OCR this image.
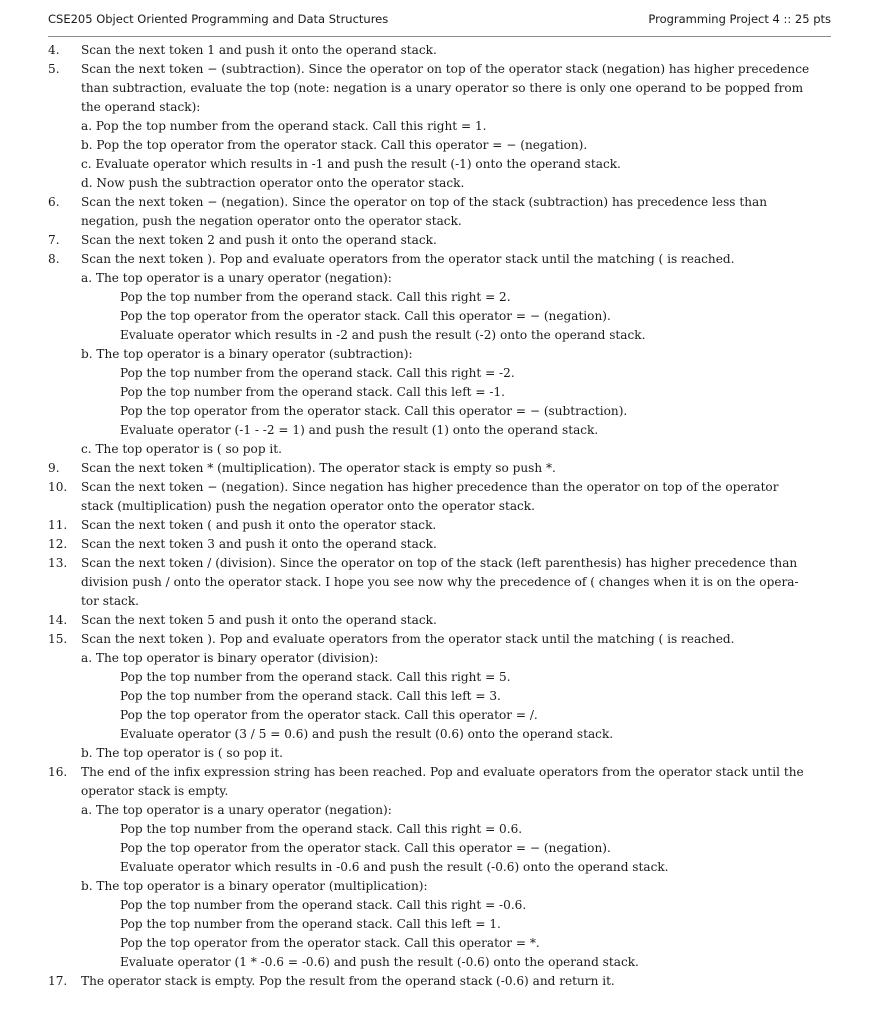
CSE205 Object Oriented Programming and Data Structures	Programming Project 4 :: 25 pts
4.	Scan the next token 1 and push it onto the operand stack.
5.	Scan the next token − (subtraction). Since the operator on top of the operator stack (negation) has higher precedence
than subtraction, evaluate the top (note: negation is a unary operator so there is only one operand to be popped from
the operand stack):
a. Pop the top number from the operand stack. Call this right = 1.
b. Pop the top operator from the operator stack. Call this operator = − (negation).
c. Evaluate operator which results in -1 and push the result (-1) onto the operand stack.
d. Now push the subtraction operator onto the operator stack.
6.	Scan the next token − (negation). Since the operator on top of the stack (subtraction) has precedence less than
negation, push the negation operator onto the operator stack.
7.	Scan the next token 2 and push it onto the operand stack.
8.	Scan the next token ). Pop and evaluate operators from the operator stack until the matching ( is reached.
a. The top operator is a unary operator (negation):
Pop the top number from the operand stack. Call this right = 2.
Pop the top operator from the operator stack. Call this operator = − (negation).
Evaluate operator which results in -2 and push the result (-2) onto the operand stack.
b. The top operator is a binary operator (subtraction):
Pop the top number from the operand stack. Call this right = -2.
Pop the top number from the operand stack. Call this left = -1.
Pop the top operator from the operator stack. Call this operator = − (subtraction).
Evaluate operator (-1 - -2 = 1) and push the result (1) onto the operand stack.
c. The top operator is ( so pop it.
9.	Scan the next token * (multiplication). The operator stack is empty so push *.
10.	Scan the next token − (negation). Since negation has higher precedence than the operator on top of the operator
stack (multiplication) push the negation operator onto the operator stack.
11.	Scan the next token ( and push it onto the operator stack.
12.	Scan the next token 3 and push it onto the operand stack.
13.	Scan the next token / (division). Since the operator on top of the stack (left parenthesis) has higher precedence than
division push / onto the operator stack. I hope you see now why the precedence of ( changes when it is on the opera-
tor stack.
14.	Scan the next token 5 and push it onto the operand stack.
15.	Scan the next token ). Pop and evaluate operators from the operator stack until the matching ( is reached.
a. The top operator is binary operator (division):
Pop the top number from the operand stack. Call this right = 5.
Pop the top number from the operand stack. Call this left = 3.
Pop the top operator from the operator stack. Call this operator = /.
Evaluate operator (3 / 5 = 0.6) and push the result (0.6) onto the operand stack.
b. The top operator is ( so pop it.
16.	The end of the infix expression string has been reached. Pop and evaluate operators from the operator stack until the
operator stack is empty.
a. The top operator is a unary operator (negation):
Pop the top number from the operand stack. Call this right = 0.6.
Pop the top operator from the operator stack. Call this operator = − (negation).
Evaluate operator which results in -0.6 and push the result (-0.6) onto the operand stack.
b. The top operator is a binary operator (multiplication):
Pop the top number from the operand stack. Call this right = -0.6.
Pop the top number from the operand stack. Call this left = 1.
Pop the top operator from the operator stack. Call this operator = *.
Evaluate operator (1 * -0.6 = -0.6) and push the result (-0.6) onto the operand stack.
17.	The operator stack is empty. Pop the result from the operand stack (-0.6) and return it.
